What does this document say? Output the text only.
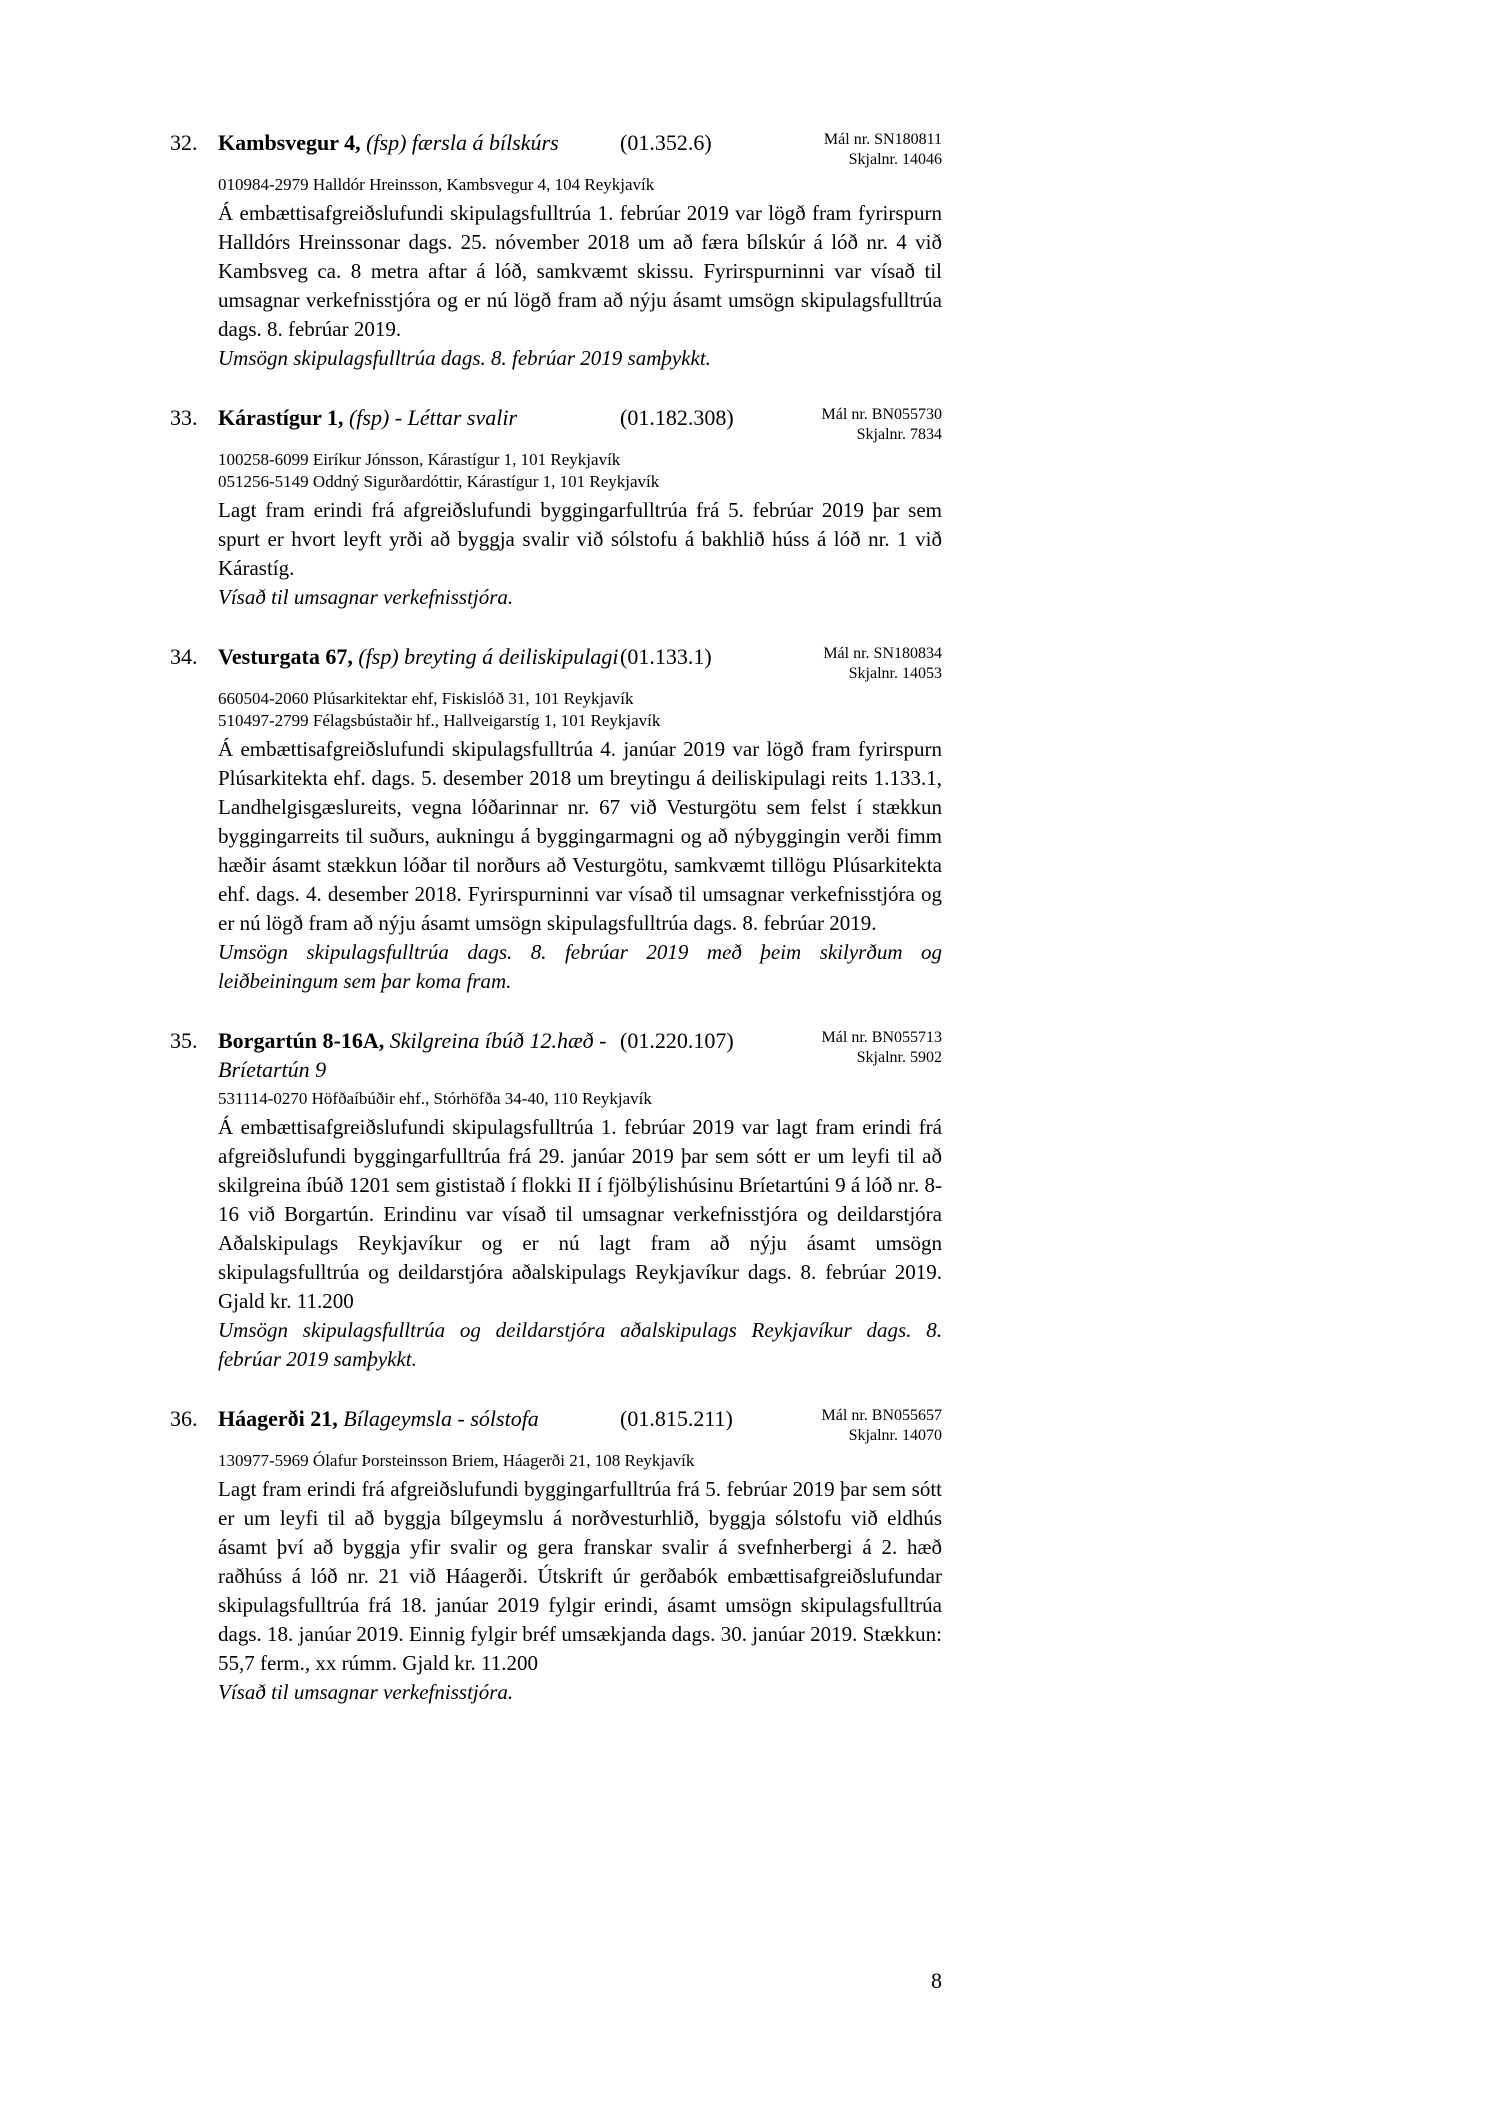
32. Kambsvegur 4, (fsp) færsla á bílskúrs	(01.352.6)	Mál nr. SN180811
Skjalnr. 14046
010984-2979 Halldór Hreinsson, Kambsvegur 4, 104 Reykjavík
Á embættisafgreiðslufundi skipulagsfulltrúa 1. febrúar 2019 var lögð fram fyrirspurn Halldórs Hreinssonar dags. 25. nóvember 2018 um að færa bílskúr á lóð nr. 4 við Kambsveg ca. 8 metra aftar á lóð, samkvæmt skissu. Fyrirspurninni var vísað til umsagnar verkefnisstjóra og er nú lögð fram að nýju ásamt umsögn skipulagsfulltrúa dags. 8. febrúar 2019.
Umsögn skipulagsfulltrúa dags. 8. febrúar 2019 samþykkt.
33. Kárastígur 1, (fsp) - Léttar svalir	(01.182.308)	Mál nr. BN055730
Skjalnr. 7834
100258-6099 Eiríkur Jónsson, Kárastígur 1, 101 Reykjavík
051256-5149 Oddný Sigurðardóttir, Kárastígur 1, 101 Reykjavík
Lagt fram erindi frá afgreiðslufundi byggingarfulltrúa frá 5. febrúar 2019 þar sem spurt er hvort leyft yrði að byggja svalir við sólstofu á bakhlið húss á lóð nr. 1 við Kárastíg.
Vísað til umsagnar verkefnisstjóra.
34. Vesturgata 67, (fsp) breyting á deiliskipulagi (01.133.1)	Mál nr. SN180834
Skjalnr. 14053
660504-2060 Plúsarkitektar ehf, Fiskislóð 31, 101 Reykjavík
510497-2799 Félagsbústaðir hf., Hallveigarstíg 1, 101 Reykjavík
Á embættisafgreiðslufundi skipulagsfulltrúa 4. janúar 2019 var lögð fram fyrirspurn Plúsarkitekta ehf. dags. 5. desember 2018 um breytingu á deiliskipulagi reits 1.133.1, Landhelgisgæslureits, vegna lóðarinnar nr. 67 við Vesturgötu sem felst í stækkun byggingarreits til suðurs, aukningu á byggingarmagni og að nýbyggingin verði fimm hæðir ásamt stækkun lóðar til norðurs að Vesturgötu, samkvæmt tillögu Plúsarkitekta ehf. dags. 4. desember 2018. Fyrirspurninni var vísað til umsagnar verkefnisstjóra og er nú lögð fram að nýju ásamt umsögn skipulagsfulltrúa dags. 8. febrúar 2019.
Umsögn skipulagsfulltrúa dags. 8. febrúar 2019 með þeim skilyrðum og leiðbeiningum sem þar koma fram.
35. Borgartún 8-16A, Skilgreina íbúð 12.hæð - Bríetartún 9
(01.220.107)	Mál nr. BN055713
Skjalnr. 5902
531114-0270 Höfðaíbúðir ehf., Stórhöfða 34-40, 110 Reykjavík
Á embættisafgreiðslufundi skipulagsfulltrúa 1. febrúar 2019 var lagt fram erindi frá afgreiðslufundi byggingarfulltrúa frá 29. janúar 2019 þar sem sótt er um leyfi til að skilgreina íbúð 1201 sem gististað í flokki II í fjölbýlishúsinu Bríetartúni 9 á lóð nr. 8-16 við Borgartún. Erindinu var vísað til umsagnar verkefnisstjóra og deildarstjóra Aðalskipulags Reykjavíkur og er nú lagt fram að nýju ásamt umsögn skipulagsfulltrúa og deildarstjóra aðalskipulags Reykjavíkur dags. 8. febrúar 2019. Gjald kr. 11.200
Umsögn skipulagsfulltrúa og deildarstjóra aðalskipulags Reykjavíkur dags. 8. febrúar 2019 samþykkt.
36. Háagerði 21, Bílageymsla - sólstofa	(01.815.211)	Mál nr. BN055657
Skjalnr. 14070
130977-5969 Ólafur Þorsteinsson Briem, Háagerði 21, 108 Reykjavík
Lagt fram erindi frá afgreiðslufundi byggingarfulltrúa frá 5. febrúar 2019 þar sem sótt er um leyfi til að byggja bílgeymslu á norðvesturhlið, byggja sólstofu við eldhús ásamt því að byggja yfir svalir og gera franskar svalir á svefnherbergi á 2. hæð raðhúss á lóð nr. 21 við Háagerði. Útskrift úr gerðabók embættisafgreiðslufundar skipulagsfulltrúa frá 18. janúar 2019 fylgir erindi, ásamt umsögn skipulagsfulltrúa dags. 18. janúar 2019. Einnig fylgir bréf umsækjanda dags. 30. janúar 2019. Stækkun: 55,7 ferm., xx rúmm. Gjald kr. 11.200
Vísað til umsagnar verkefnisstjóra.
8
